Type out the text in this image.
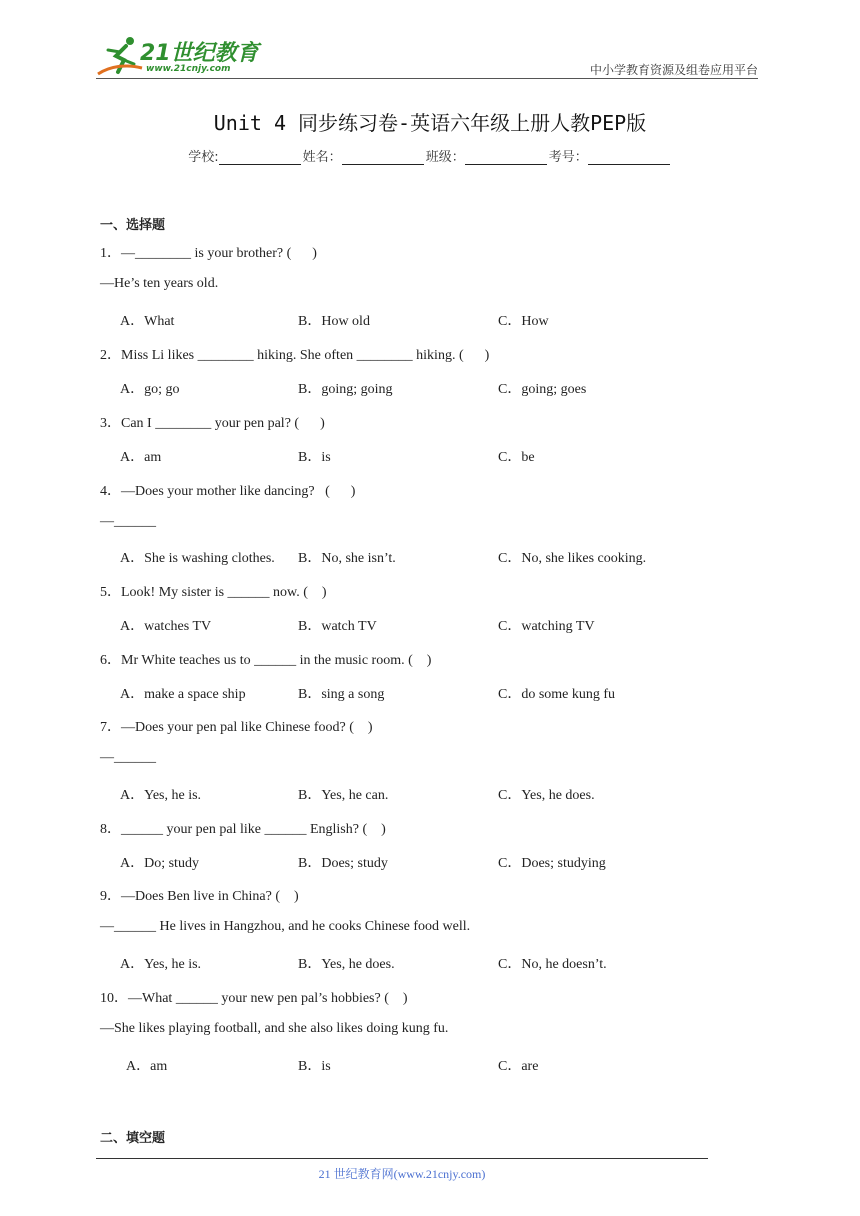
21世纪教育
www.21cnjy.com	中小学教育资源及组卷应用平台
Unit 4 同步练习卷-英语六年级上册人教PEP版
学校:	姓名：	班级：	考号：
一、选择题
1．—________ is your brother? (      )
—He’s ten years old.
A．What	B．How old	C．How
2．Miss Li likes ________ hiking. She often ________ hiking. (      )
A．go; go	B．going; going	C．going; goes
3．Can I ________ your pen pal? (      )
A．am	B．is	C．be
4．—Does your mother like dancing?   (      )
—______
A．She is washing clothes. B．No, she isn’t.	C．No, she likes cooking.
5．Look! My sister is ______ now. (    )
A．watches TV	B．watch TV	C．watching TV
6．Mr White teaches us to ______ in the music room. (    )
A．make a space ship	B．sing a song	C．do some kung fu
7．—Does your pen pal like Chinese food? (    )
—______
A．Yes, he is.	B．Yes, he can.	C．Yes, he does.
8．______ your pen pal like ______ English? (    )
A．Do; study	B．Does; study	C．Does; studying
9．—Does Ben live in China? (    )
—______ He lives in Hangzhou, and he cooks Chinese food well.
A．Yes, he is.	B．Yes, he does.	C．No, he doesn’t.
10．—What ______ your new pen pal’s hobbies? (    )
—She likes playing football, and she also likes doing kung fu.
A．am	B．is	C．are
二、填空题
21 世纪教育网(www.21cnjy.com)
